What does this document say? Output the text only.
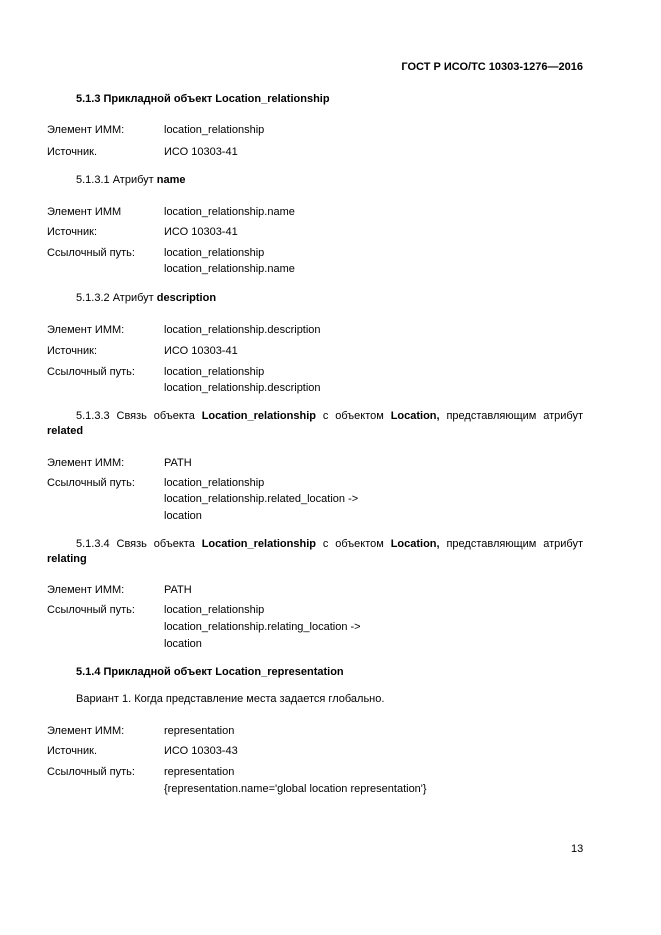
ГОСТ Р ИСО/ТС 10303-1276—2016
5.1.3 Прикладной объект Location_relationship
Элемент ИММ:	location_relationship
Источник.	ИСО 10303-41
5.1.3.1 Атрибут name
Элемент ИММ	location_relationship.name
Источник:	ИСО 10303-41
Ссылочный путь:	location_relationship
location_relationship.name
5.1.3.2 Атрибут description
Элемент ИММ:	location_relationship.description
Источник:	ИСО 10303-41
Ссылочный путь:	location_relationship
location_relationship.description
5.1.3.3 Связь объекта Location_relationship с объектом Location, представляющим атрибут
related
Элемент ИММ:	PATH
Ссылочный путь:	location_relationship
location_relationship.related_location ->
location
5.1.3.4 Связь объекта Location_relationship с объектом Location, представляющим атрибут
relating
Элемент ИММ:	PATH
Ссылочный путь:	location_relationship
location_relationship.relating_location ->
location
5.1.4 Прикладной объект Location_representation
Вариант 1. Когда представление места задается глобально.
Элемент ИММ:	representation
Источник.	ИСО 10303-43
Ссылочный путь:	representation
{representation.name='global location representation'}
13
